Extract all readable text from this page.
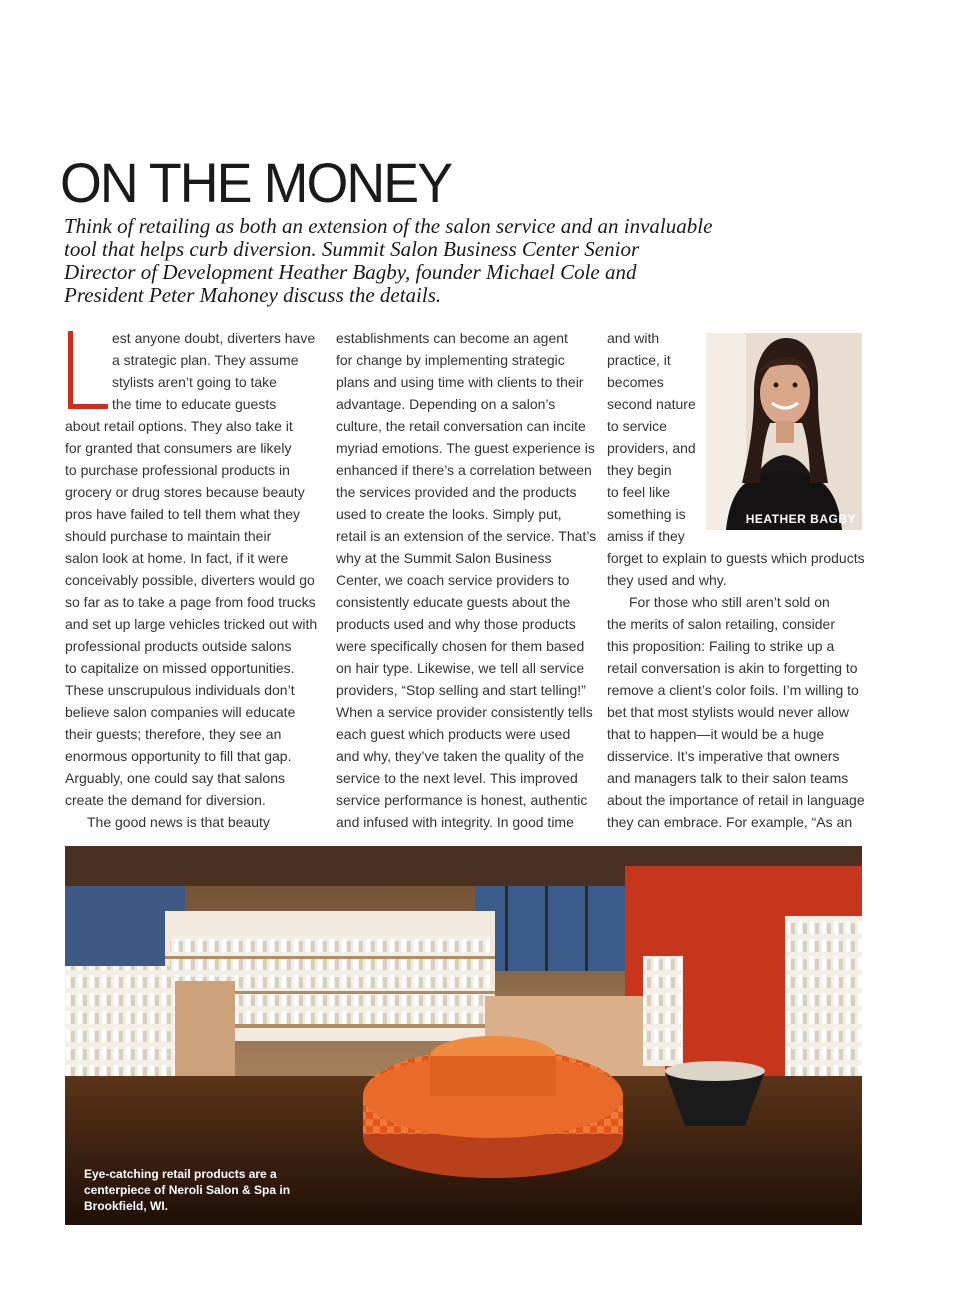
ON THE MONEY

Think of retailing as both an extension of the salon service and an invaluable tool that helps curb diversion. Summit Salon Business Center Senior Director of Development Heather Bagby, founder Michael Cole and President Peter Mahoney discuss the details.

est anyone doubt, diverters have
a strategic plan. They assume
stylists aren’t going to take
the time to educate guests
about retail options. They also take it
for granted that consumers are likely
to purchase professional products in
grocery or drug stores because beauty
pros have failed to tell them what they
should purchase to maintain their
salon look at home. In fact, if it were
conceivably possible, diverters would go
so far as to take a page from food trucks
and set up large vehicles tricked out with
professional products outside salons
to capitalize on missed opportunities.
These unscrupulous individuals don’t
believe salon companies will educate
their guests; therefore, they see an
enormous opportunity to fill that gap.
Arguably, one could say that salons
create the demand for diversion.
The good news is that beauty
establishments can become an agent
for change by implementing strategic
plans and using time with clients to their
advantage. Depending on a salon’s
culture, the retail conversation can incite
myriad emotions. The guest experience is
enhanced if there’s a correlation between
the services provided and the products
used to create the looks. Simply put,
retail is an extension of the service. That’s
why at the Summit Salon Business
Center, we coach service providers to
consistently educate guests about the
products used and why those products
were specifically chosen for them based
on hair type. Likewise, we tell all service
providers, “Stop selling and start telling!”
When a service provider consistently tells
each guest which products were used
and why, they’ve taken the quality of the
service to the next level. This improved
service performance is honest, authentic
and infused with integrity. In good time
and with
practice, it
becomes
second nature
to service
providers, and
they begin
to feel like
something is
amiss if they
forget to explain to guests which products
they used and why.
For those who still aren’t sold on
the merits of salon retailing, consider
this proposition: Failing to strike up a
retail conversation is akin to forgetting to
remove a client’s color foils. I’m willing to
bet that most stylists would never allow
that to happen—it would be a huge
disservice. It’s imperative that owners
and managers talk to their salon teams
about the importance of retail in language
they can embrace. For example, “As an
HEATHER BAGBY
Eye-catching retail products are a centerpiece of Neroli Salon & Spa in Brookfield, WI.
